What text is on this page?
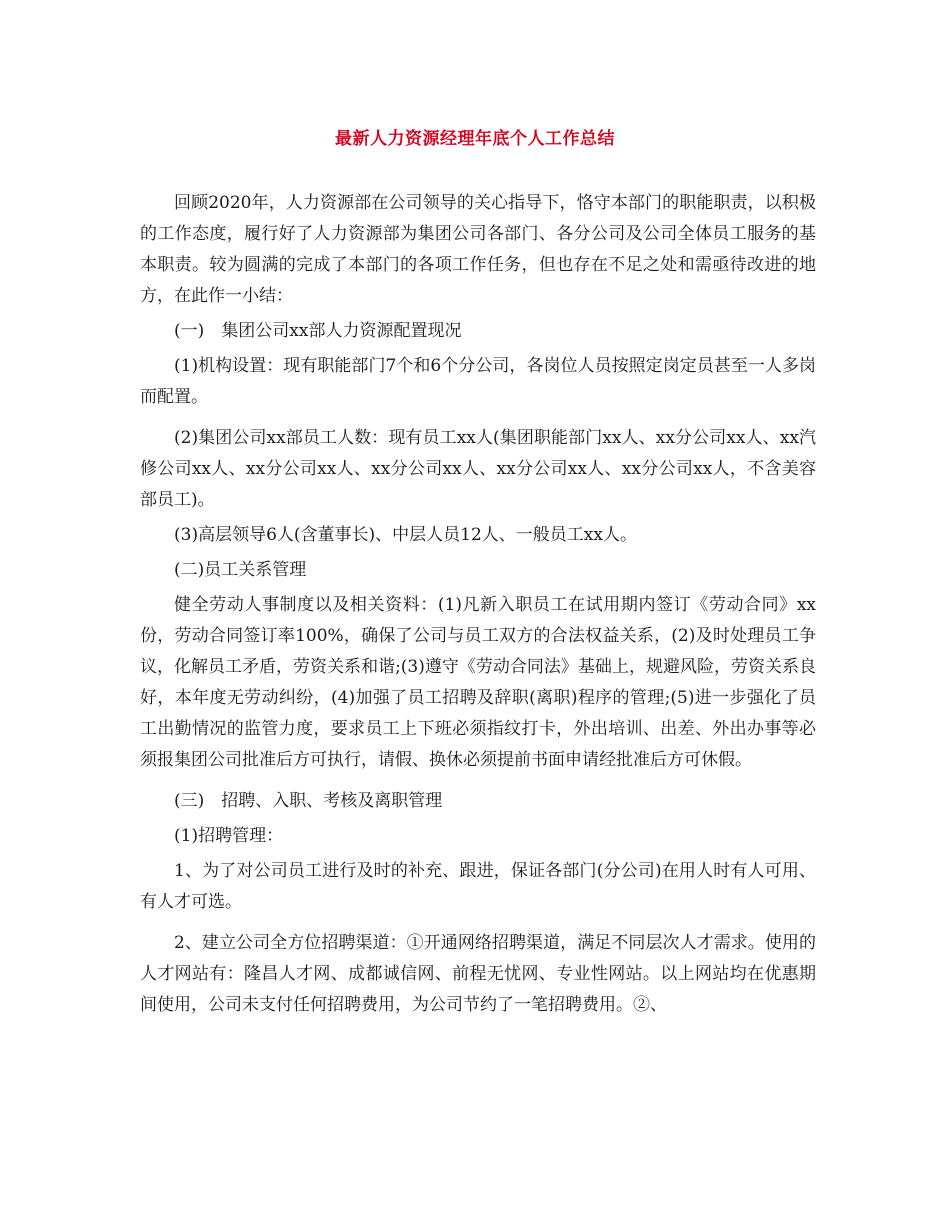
最新人力资源经理年底个人工作总结

回顾2020年，人力资源部在公司领导的关心指导下，恪守本部门的职能职责，以积极的工作态度，履行好了人力资源部为集团公司各部门、各分公司及公司全体员工服务的基本职责。较为圆满的完成了本部门的各项工作任务，但也存在不足之处和需亟待改进的地方，在此作一小结：

(一)　集团公司xx部人力资源配置现况

(1)机构设置：现有职能部门7个和6个分公司，各岗位人员按照定岗定员甚至一人多岗而配置。

(2)集团公司xx部员工人数：现有员工xx人(集团职能部门xx人、xx分公司xx人、xx汽修公司xx人、xx分公司xx人、xx分公司xx人、xx分公司xx人、xx分公司xx人，不含美容部员工)。

(3)高层领导6人(含董事长)、中层人员12人、一般员工xx人。

(二)员工关系管理

健全劳动人事制度以及相关资料：(1)凡新入职员工在试用期内签订《劳动合同》xx份，劳动合同签订率100%，确保了公司与员工双方的合法权益关系，(2)及时处理员工争议，化解员工矛盾，劳资关系和谐;(3)遵守《劳动合同法》基础上，规避风险，劳资关系良好，本年度无劳动纠纷，(4)加强了员工招聘及辞职(离职)程序的管理;(5)进一步强化了员工出勤情况的监管力度，要求员工上下班必须指纹打卡，外出培训、出差、外出办事等必须报集团公司批准后方可执行，请假、换休必须提前书面申请经批准后方可休假。

(三)　招聘、入职、考核及离职管理

(1)招聘管理：

1、为了对公司员工进行及时的补充、跟进，保证各部门(分公司)在用人时有人可用、有人才可选。

2、建立公司全方位招聘渠道：①开通网络招聘渠道，满足不同层次人才需求。使用的人才网站有：隆昌人才网、成都诚信网、前程无忧网、专业性网站。以上网站均在优惠期间使用，公司未支付任何招聘费用，为公司节约了一笔招聘费用。②、
